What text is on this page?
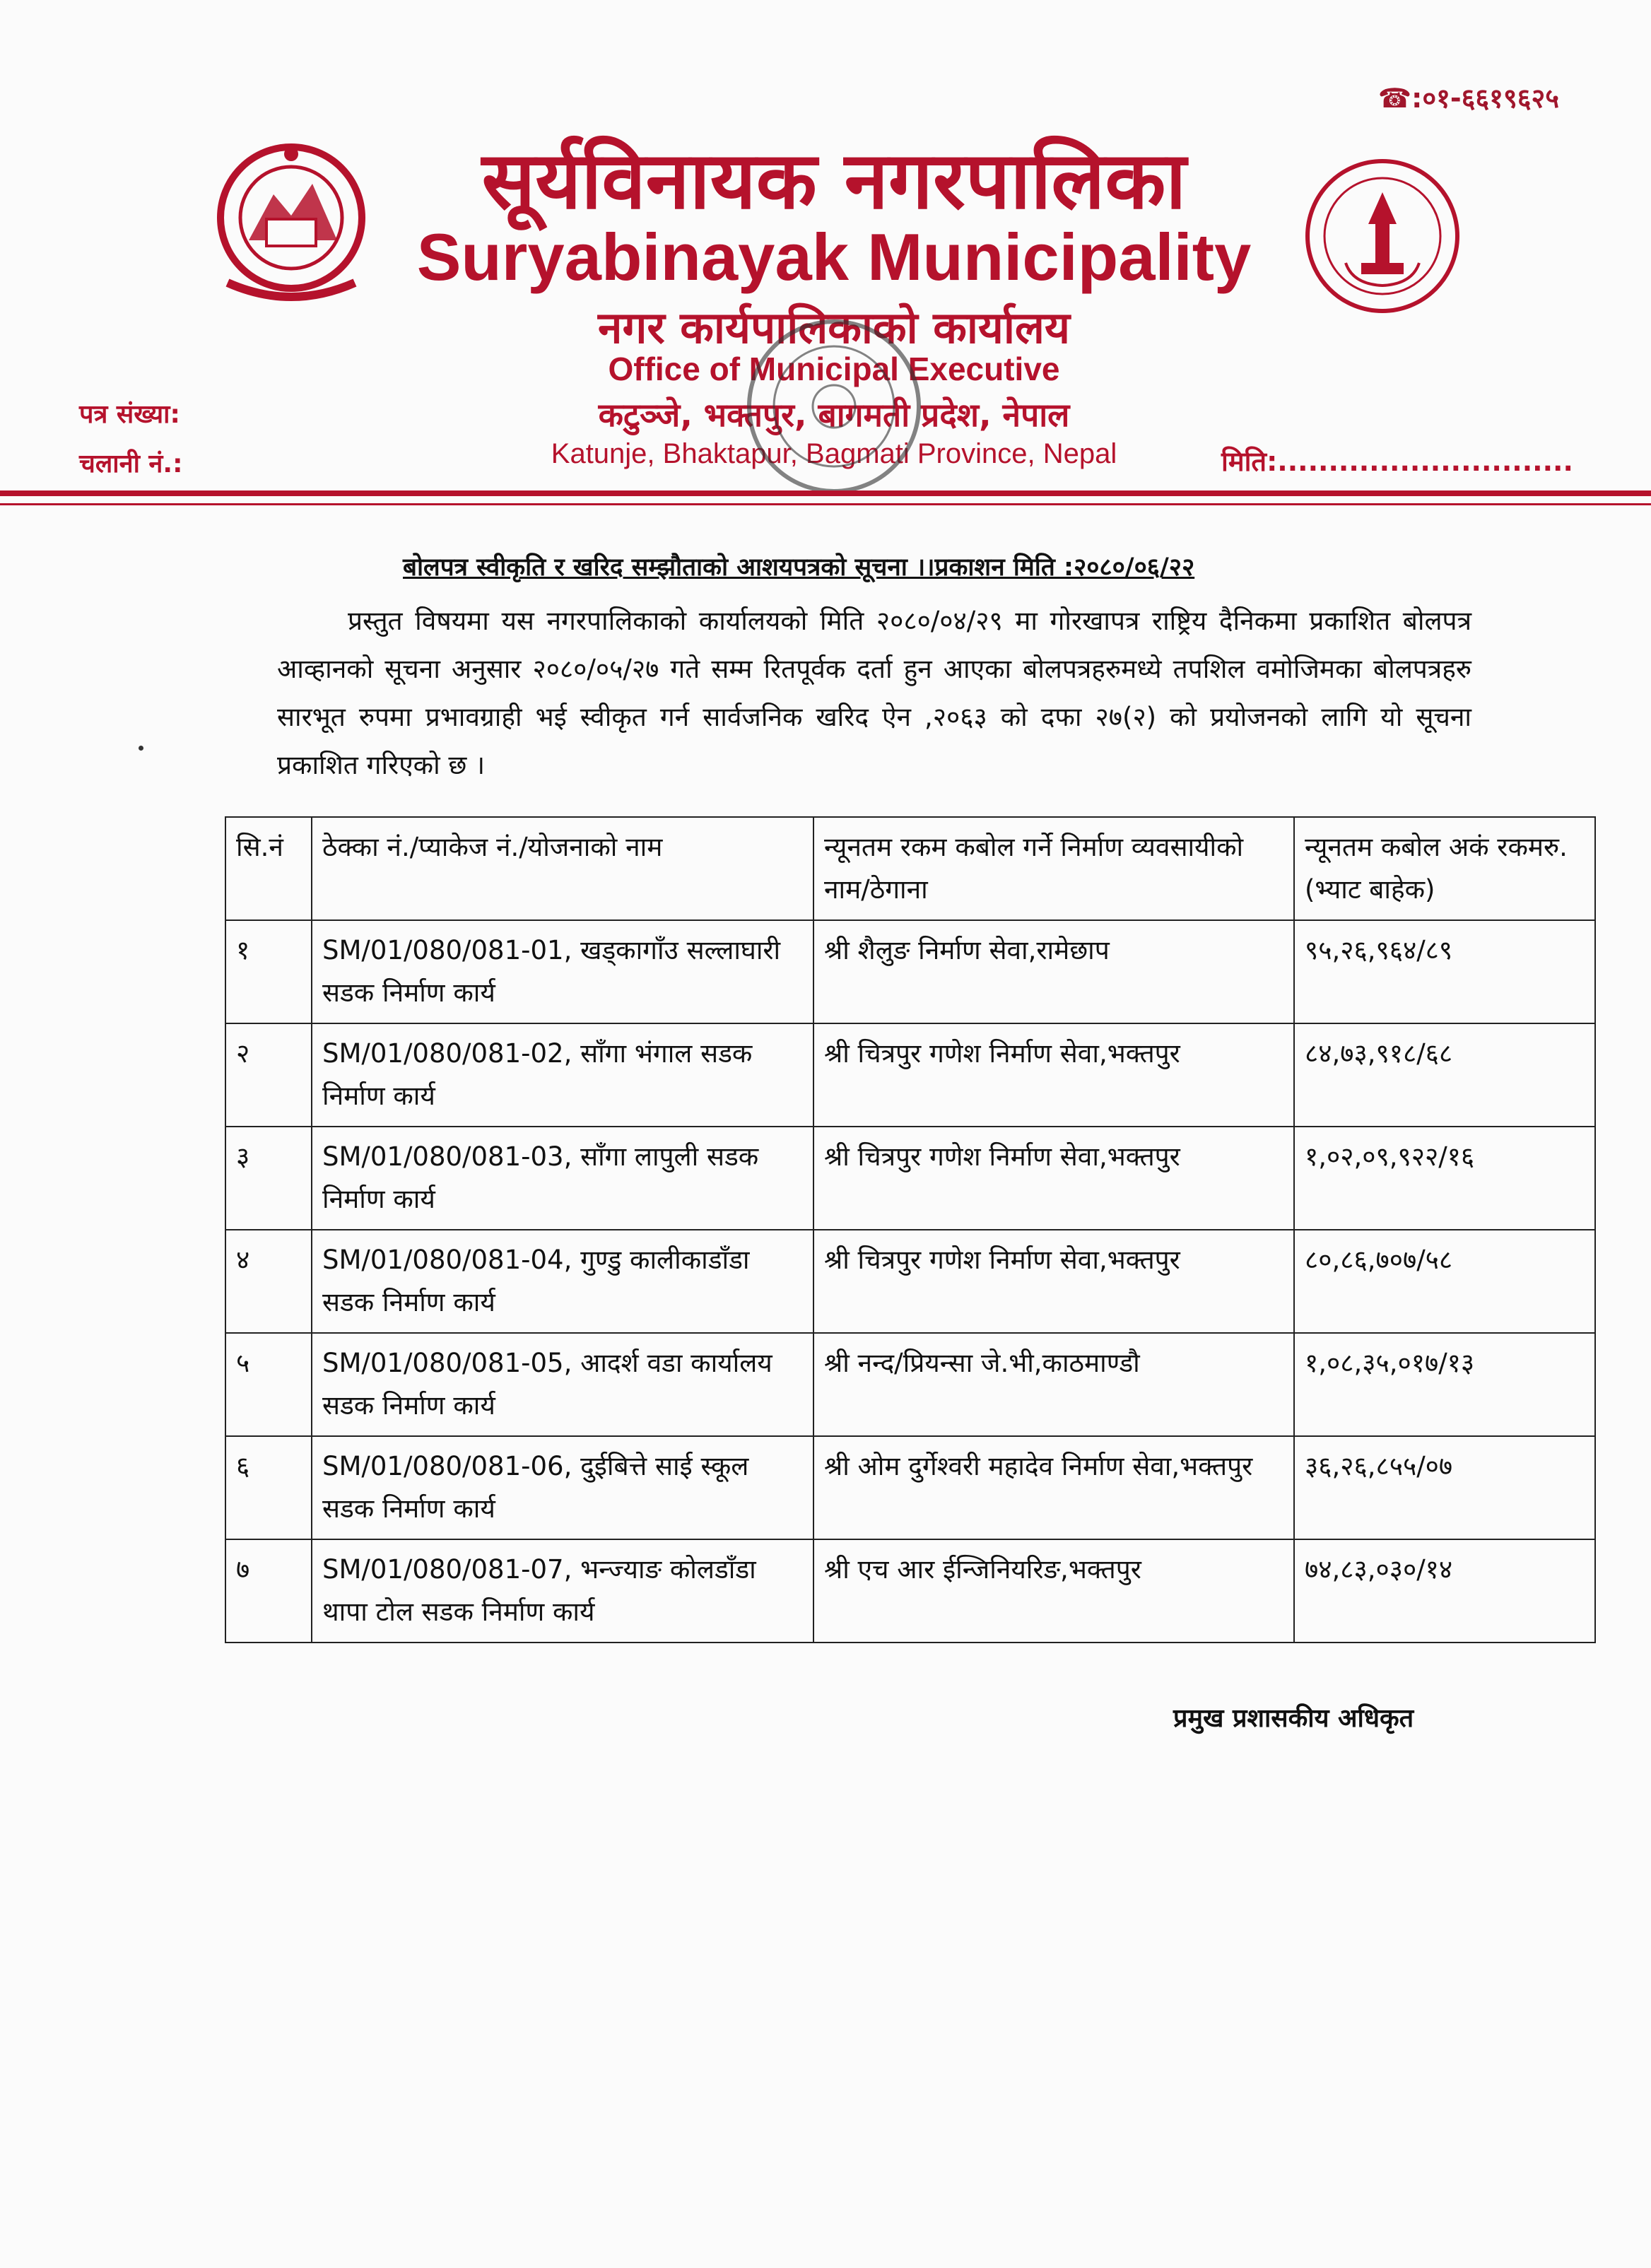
☎:०१-६६१९६२५
सूर्यविनायक नगरपालिका
Suryabinayak Municipality
नगर कार्यपालिकाको कार्यालय
Office of Municipal Executive
कटुञ्जे, भक्तपुर, बागमती प्रदेश, नेपाल
Katunje, Bhaktapur, Bagmati Province, Nepal
पत्र संख्या:
चलानी नं.:	मिति:.............................
बोलपत्र स्वीकृति र खरिद सम्झौताको आशयपत्रको सूचना ।।प्रकाशन मिति :२०८०/०६/२२
प्रस्तुत विषयमा यस नगरपालिकाको कार्यालयको मिति २०८०/०४/२९ मा गोरखापत्र राष्ट्रिय दैनिकमा प्रकाशित बोलपत्र आव्हानको सूचना अनुसार २०८०/०५/२७ गते सम्म रितपूर्वक दर्ता हुन आएका बोलपत्रहरुमध्ये तपशिल वमोजिमका बोलपत्रहरु सारभूत रुपमा प्रभावग्राही भई स्वीकृत गर्न सार्वजनिक खरिद ऐन ,२०६३ को दफा २७(२) को प्रयोजनको लागि यो सूचना प्रकाशित गरिएको छ ।
सि.नं	ठेक्का नं./प्याकेज नं./योजनाको नाम	न्यूनतम रकम कबोल गर्ने निर्माण व्यवसायीको नाम/ठेगाना	न्यूनतम कबोल अकं रकमरु.(भ्याट बाहेक)
१	SM/01/080/081-01, खड्कागाँउ सल्लाघारी सडक निर्माण कार्य	श्री शैलुङ निर्माण सेवा,रामेछाप	९५,२६,९६४/८९
२	SM/01/080/081-02, साँगा भंगाल सडक निर्माण कार्य	श्री चित्रपुर गणेश निर्माण सेवा,भक्तपुर	८४,७३,९१८/६८
३	SM/01/080/081-03, साँगा लापुली सडक निर्माण कार्य	श्री चित्रपुर गणेश निर्माण सेवा,भक्तपुर	१,०२,०९,९२२/१६
४	SM/01/080/081-04, गुण्डु कालीकाडाँडा सडक निर्माण कार्य	श्री चित्रपुर गणेश निर्माण सेवा,भक्तपुर	८०,८६,७०७/५८
५	SM/01/080/081-05, आदर्श वडा कार्यालय सडक निर्माण कार्य	श्री नन्द/प्रियन्सा जे.भी,काठमाण्डौ	१,०८,३५,०१७/१३
६	SM/01/080/081-06, दुईबित्ते साई स्कूल सडक निर्माण कार्य	श्री ओम दुर्गेश्वरी महादेव निर्माण सेवा,भक्तपुर	३६,२६,८५५/०७
७	SM/01/080/081-07, भन्ज्याङ कोलडाँडा थापा टोल सडक निर्माण कार्य	श्री एच आर ईन्जिनियरिङ,भक्तपुर	७४,८३,०३०/१४
प्रमुख प्रशासकीय अधिकृत
